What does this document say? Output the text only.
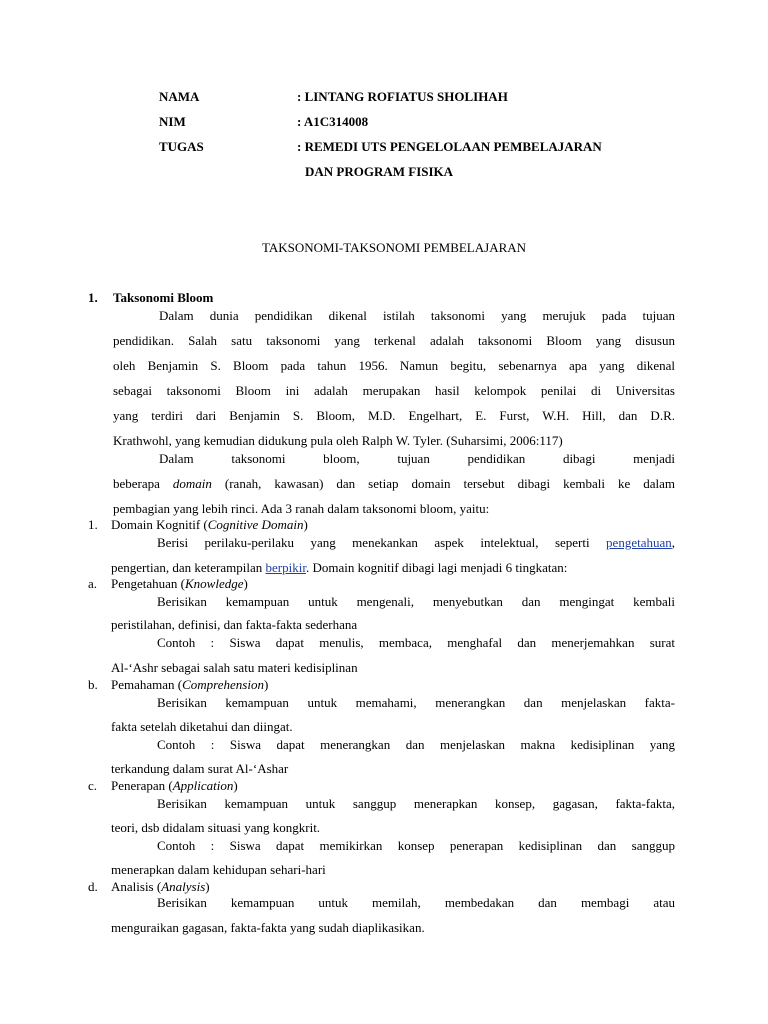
NAMA	: LINTANG ROFIATUS SHOLIHAH
NIM	: A1C314008
TUGAS	: REMEDI UTS PENGELOLAAN PEMBELAJARAN
DAN PROGRAM FISIKA
TAKSONOMI-TAKSONOMI PEMBELAJARAN
1. Taksonomi Bloom
Dalam dunia pendidikan dikenal istilah taksonomi yang merujuk pada tujuan
pendidikan. Salah satu taksonomi yang terkenal adalah taksonomi Bloom yang disusun
oleh Benjamin S. Bloom pada tahun 1956. Namun begitu, sebenarnya apa yang dikenal
sebagai taksonomi Bloom ini adalah merupakan hasil kelompok penilai di Universitas
yang terdiri dari Benjamin S. Bloom, M.D. Engelhart, E. Furst, W.H. Hill, dan D.R.
Krathwohl, yang kemudian didukung pula oleh Ralph W. Tyler. (Suharsimi, 2006:117)
Dalam taksonomi bloom, tujuan pendidikan dibagi menjadi
beberapa domain (ranah, kawasan) dan setiap domain tersebut dibagi kembali ke dalam
pembagian yang lebih rinci. Ada 3 ranah dalam taksonomi bloom, yaitu:
1. Domain Kognitif (Cognitive Domain)
Berisi perilaku-perilaku yang menekankan aspek intelektual, seperti pengetahuan,
pengertian, dan keterampilan berpikir. Domain kognitif dibagi lagi menjadi 6 tingkatan:
a. Pengetahuan (Knowledge)
Berisikan kemampuan untuk mengenali, menyebutkan dan mengingat kembali
peristilahan, definisi, dan fakta-fakta sederhana
Contoh : Siswa dapat menulis, membaca, menghafal dan menerjemahkan surat
Al-‘Ashr sebagai salah satu materi kedisiplinan
b. Pemahaman (Comprehension)
Berisikan kemampuan untuk memahami, menerangkan dan menjelaskan fakta-
fakta setelah diketahui dan diingat.
Contoh : Siswa dapat menerangkan dan menjelaskan makna kedisiplinan yang
terkandung dalam surat Al-‘Ashar
c. Penerapan (Application)
Berisikan kemampuan untuk sanggup menerapkan konsep, gagasan, fakta-fakta,
teori, dsb didalam situasi yang kongkrit.
Contoh : Siswa dapat memikirkan konsep penerapan kedisiplinan dan sanggup
menerapkan dalam kehidupan sehari-hari
d. Analisis (Analysis)
Berisikan kemampuan untuk memilah, membedakan dan membagi atau
menguraikan gagasan, fakta-fakta yang sudah diaplikasikan.
